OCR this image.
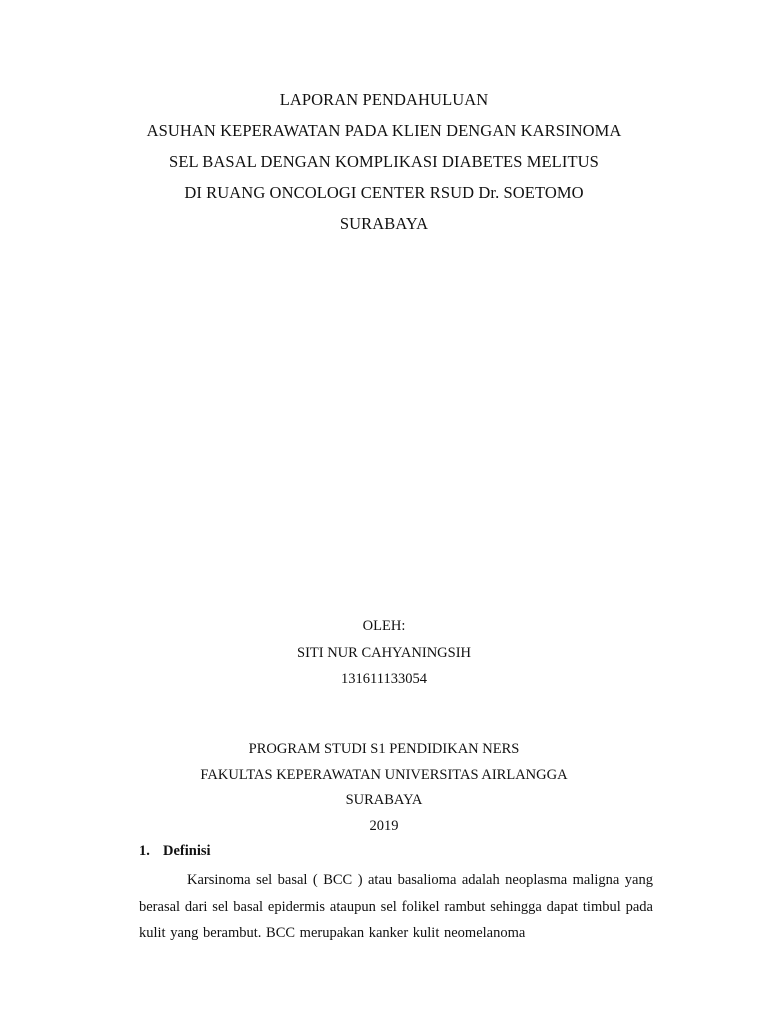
LAPORAN PENDAHULUAN
ASUHAN KEPERAWATAN PADA KLIEN DENGAN KARSINOMA
SEL BASAL DENGAN KOMPLIKASI DIABETES MELITUS
DI RUANG ONCOLOGI CENTER RSUD Dr. SOETOMO
SURABAYA
OLEH:
SITI NUR CAHYANINGSIH
131611133054
PROGRAM STUDI S1 PENDIDIKAN NERS
FAKULTAS KEPERAWATAN UNIVERSITAS AIRLANGGA
SURABAYA
2019
1. Definisi
Karsinoma sel basal ( BCC ) atau basalioma adalah neoplasma maligna yang berasal dari sel basal epidermis ataupun sel folikel rambut sehingga dapat timbul pada kulit yang berambut. BCC merupakan kanker kulit neomelanoma
